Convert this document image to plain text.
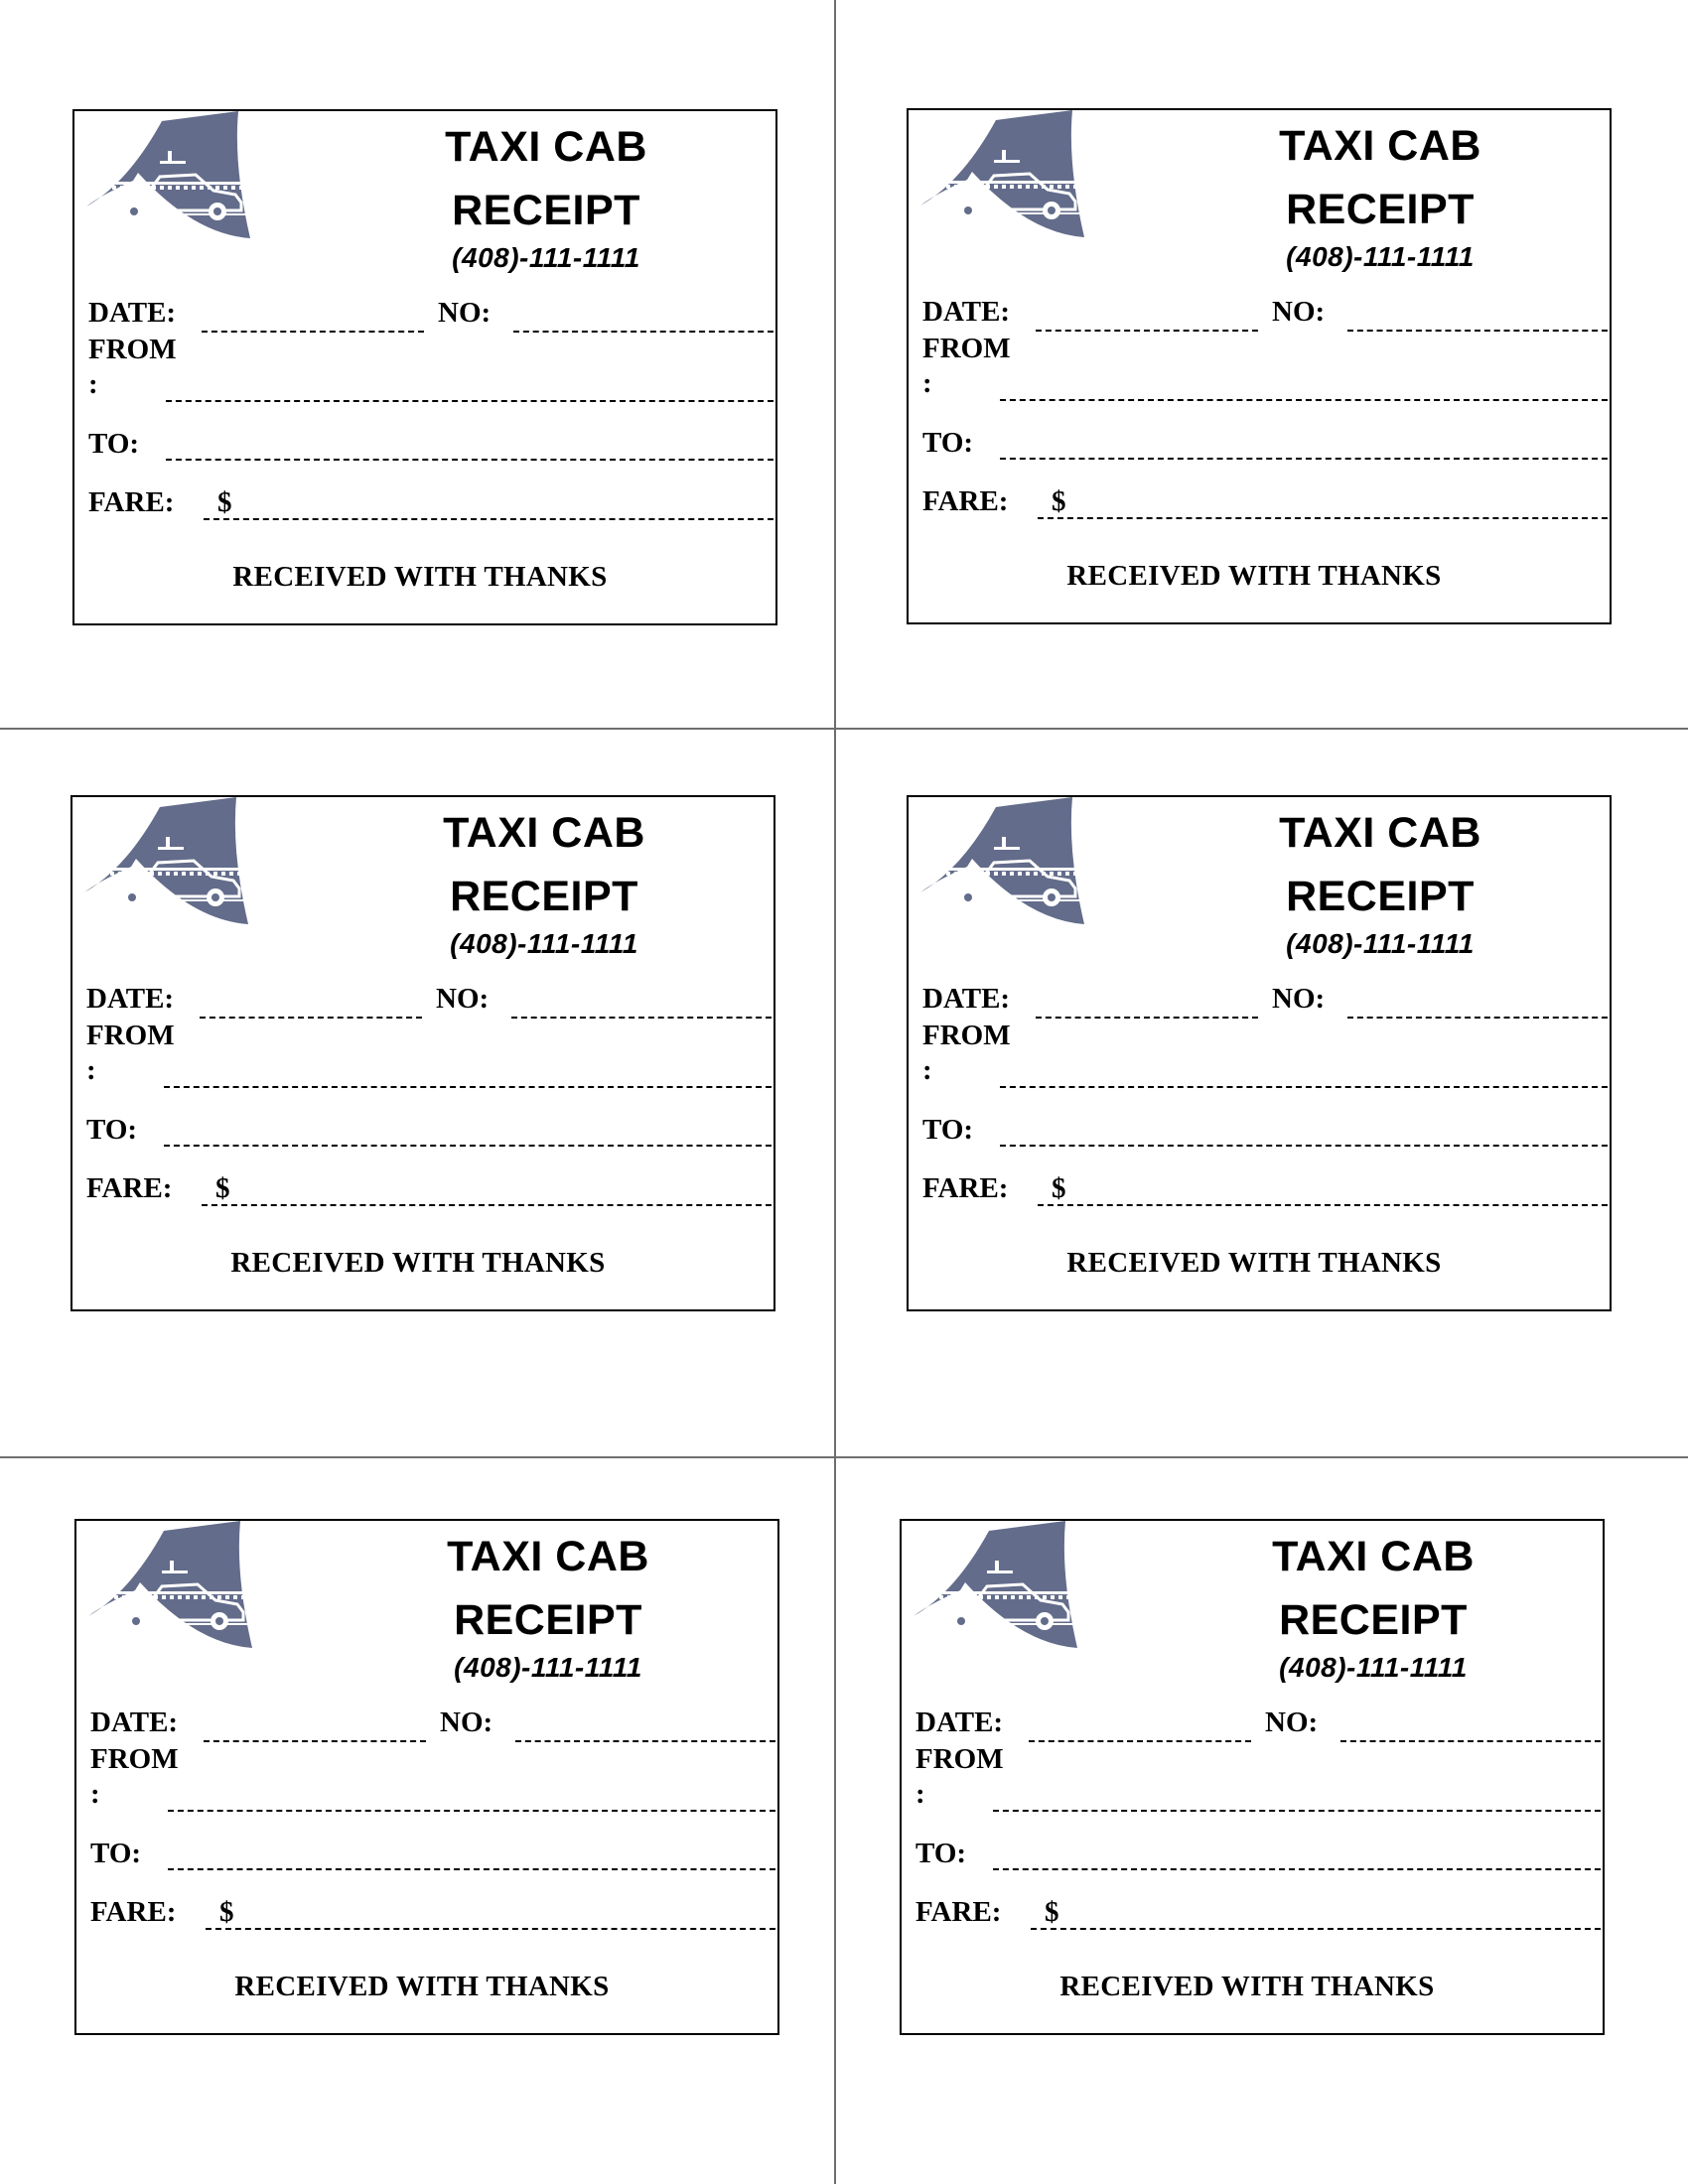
TAXI CAB
RECEIPT
(408)-111-1111
DATE:	NO:
FROM
:
TO:
FARE: $
RECEIVED WITH THANKS
TAXI CAB
RECEIPT
(408)-111-1111
DATE:	NO:
FROM
:
TO:
FARE: $
RECEIVED WITH THANKS
TAXI CAB
RECEIPT
(408)-111-1111
DATE:	NO:
FROM
:
TO:
FARE: $
RECEIVED WITH THANKS
TAXI CAB
RECEIPT
(408)-111-1111
DATE:	NO:
FROM
:
TO:
FARE: $
RECEIVED WITH THANKS
TAXI CAB
RECEIPT
(408)-111-1111
DATE:	NO:
FROM
:
TO:
FARE: $
RECEIVED WITH THANKS
TAXI CAB
RECEIPT
(408)-111-1111
DATE:	NO:
FROM
:
TO:
FARE: $
RECEIVED WITH THANKS
